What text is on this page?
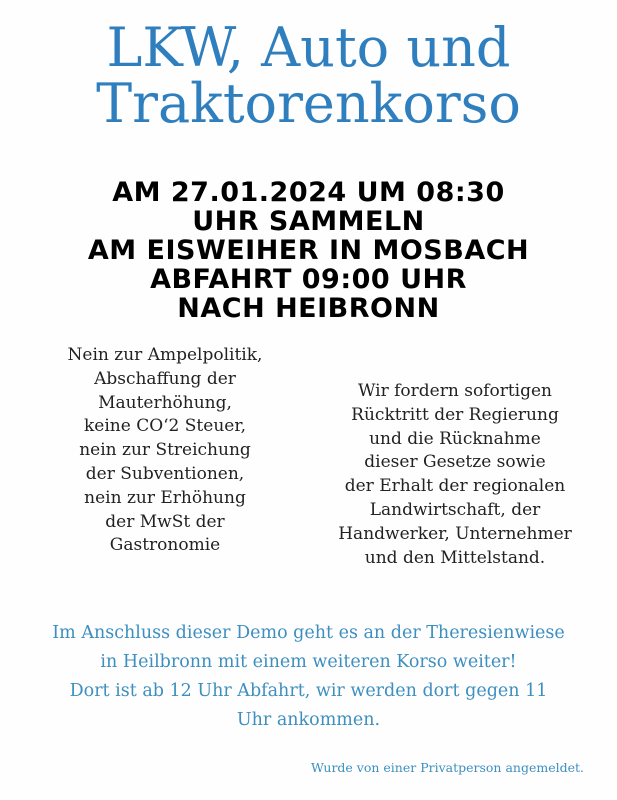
LKW, Auto und
Traktorenkorso
AM 27.01.2024 UM 08:30
UHR SAMMELN
AM EISWEIHER IN MOSBACH
ABFAHRT 09:00 UHR
NACH HEIBRONN
Nein zur Ampelpolitik,
Abschaffung der
Mauterhöhung,
keine CO‘2 Steuer,
nein zur Streichung
der Subventionen,
nein zur Erhöhung
der MwSt der
Gastronomie
Wir fordern sofortigen
Rücktritt der Regierung
und die Rücknahme
dieser Gesetze sowie
der Erhalt der regionalen
Landwirtschaft, der
Handwerker, Unternehmer
und den Mittelstand.
Im Anschluss dieser Demo geht es an der Theresienwiese
in Heilbronn mit einem weiteren Korso weiter!
Dort ist ab 12 Uhr Abfahrt, wir werden dort gegen 11
Uhr ankommen.
Wurde von einer Privatperson angemeldet.
